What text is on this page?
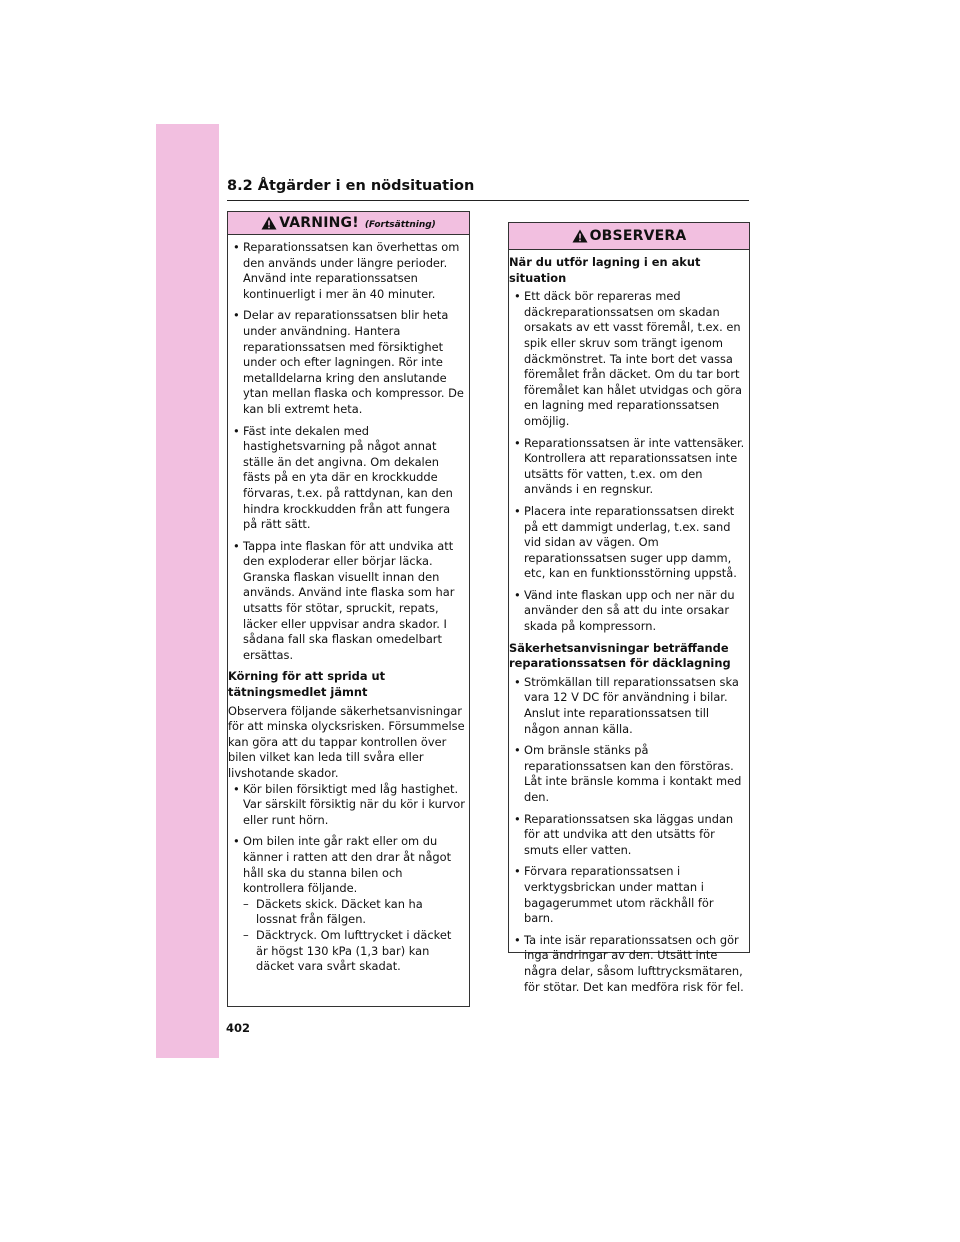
8.2 Åtgärder i en nödsituation
VARNING! (Fortsättning)
• Reparationssatsen kan överhettas om den används under längre perioder. Använd inte reparationssatsen kontinuerligt i mer än 40 minuter.
• Delar av reparationssatsen blir heta under användning. Hantera reparationssatsen med försiktighet under och efter lagningen. Rör inte metalldelarna kring den anslutande ytan mellan flaska och kompressor. De kan bli extremt heta.
• Fäst inte dekalen med hastighetsvarning på något annat ställe än det angivna. Om dekalen fästs på en yta där en krockkudde förvaras, t.ex. på rattdynan, kan den hindra krockkudden från att fungera på rätt sätt.
• Tappa inte flaskan för att undvika att den exploderar eller börjar läcka. Granska flaskan visuellt innan den används. Använd inte flaska som har utsatts för stötar, spruckit, repats, läcker eller uppvisar andra skador. I sådana fall ska flaskan omedelbart ersättas.
Körning för att sprida ut tätningsmedlet jämnt

Observera följande säkerhetsanvisningar för att minska olycksrisken. Försummelse kan göra att du tappar kontrollen över bilen vilket kan leda till svåra eller livshotande skador.

• Kör bilen försiktigt med låg hastighet. Var särskilt försiktig när du kör i kurvor eller runt hörn.
• Om bilen inte går rakt eller om du känner i ratten att den drar åt något håll ska du stanna bilen och kontrollera följande.
– Däckets skick. Däcket kan ha lossnat från fälgen.
– Däcktryck. Om lufttrycket i däcket är högst 130 kPa (1,3 bar) kan däcket vara svårt skadat.
OBSERVERA
När du utför lagning i en akut situation
• Ett däck bör repareras med däckreparationssatsen om skadan orsakats av ett vasst föremål, t.ex. en spik eller skruv som trängt igenom däckmönstret. Ta inte bort det vassa föremålet från däcket. Om du tar bort föremålet kan hålet utvidgas och göra en lagning med reparationssatsen omöjlig.
• Reparationssatsen är inte vattensäker. Kontrollera att reparationssatsen inte utsätts för vatten, t.ex. om den används i en regnskur.
• Placera inte reparationssatsen direkt på ett dammigt underlag, t.ex. sand vid sidan av vägen. Om reparationssatsen suger upp damm, etc, kan en funktionsstörning uppstå.
• Vänd inte flaskan upp och ner när du använder den så att du inte orsakar skada på kompressorn.
Säkerhetsanvisningar beträffande reparationssatsen för däcklagning
• Strömkällan till reparationssatsen ska vara 12 V DC för användning i bilar. Anslut inte reparationssatsen till någon annan källa.
• Om bränsle stänks på reparationssatsen kan den förstöras. Låt inte bränsle komma i kontakt med den.
• Reparationssatsen ska läggas undan för att undvika att den utsätts för smuts eller vatten.
• Förvara reparationssatsen i verktygsbrickan under mattan i bagagerummet utom räckhåll för barn.
• Ta inte isär reparationssatsen och gör inga ändringar av den. Utsätt inte några delar, såsom lufttrycksmätaren, för stötar. Det kan medföra risk för fel.
402
